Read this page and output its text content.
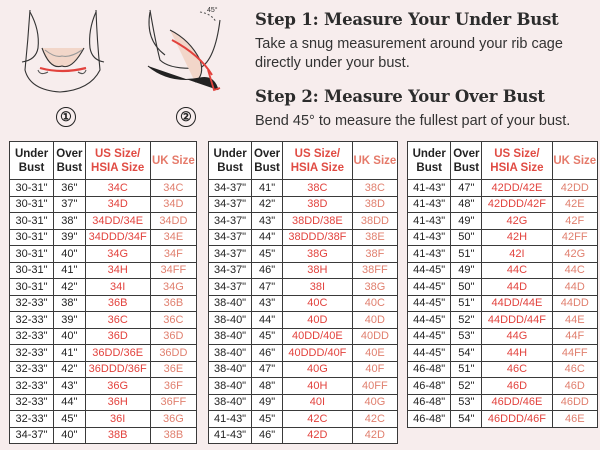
45°
①	②
Step 1: Measure Your Under Bust

Take a snug measurement around your rib cage directly under your bust.

Step 2: Measure Your Over Bust

Bend 45° to measure the fullest part of your bust.

Under Bust	Over Bust	US Size/ HSIA Size	UK Size
30-31"	36"	34C	34C
30-31"	37"	34D	34D
30-31"	38"	34DD/34E	34DD
30-31"	39"	34DDD/34F	34E
30-31"	40"	34G	34F
30-31"	41"	34H	34FF
30-31"	42"	34I	34G
32-33"	38"	36B	36B
32-33"	39"	36C	36C
32-33"	40"	36D	36D
32-33"	41"	36DD/36E	36DD
32-33"	42"	36DDD/36F	36E
32-33"	43"	36G	36F
32-33"	44"	36H	36FF
32-33"	45"	36I	36G
34-37"	40"	38B	38B
Under Bust	Over Bust	US Size/ HSIA Size	UK Size
34-37"	41"	38C	38C
34-37"	42"	38D	38D
34-37"	43"	38DD/38E	38DD
34-37"	44"	38DDD/38F	38E
34-37"	45"	38G	38F
34-37"	46"	38H	38FF
34-37"	47"	38I	38G
38-40"	43"	40C	40C
38-40"	44"	40D	40D
38-40"	45"	40DD/40E	40DD
38-40"	46"	40DDD/40F	40E
38-40"	47"	40G	40F
38-40"	48"	40H	40FF
38-40"	49"	40I	40G
41-43"	45"	42C	42C
41-43"	46"	42D	42D
Under Bust	Over Bust	US Size/ HSIA Size	UK Size
41-43"	47"	42DD/42E	42DD
41-43"	48"	42DDD/42F	42E
41-43"	49"	42G	42F
41-43"	50"	42H	42FF
41-43"	51"	42I	42G
44-45"	49"	44C	44C
44-45"	50"	44D	44D
44-45"	51"	44DD/44E	44DD
44-45"	52"	44DDD/44F	44E
44-45"	53"	44G	44F
44-45"	54"	44H	44FF
46-48"	51"	46C	46C
46-48"	52"	46D	46D
46-48"	53"	46DD/46E	46DD
46-48"	54"	46DDD/46F	46E
